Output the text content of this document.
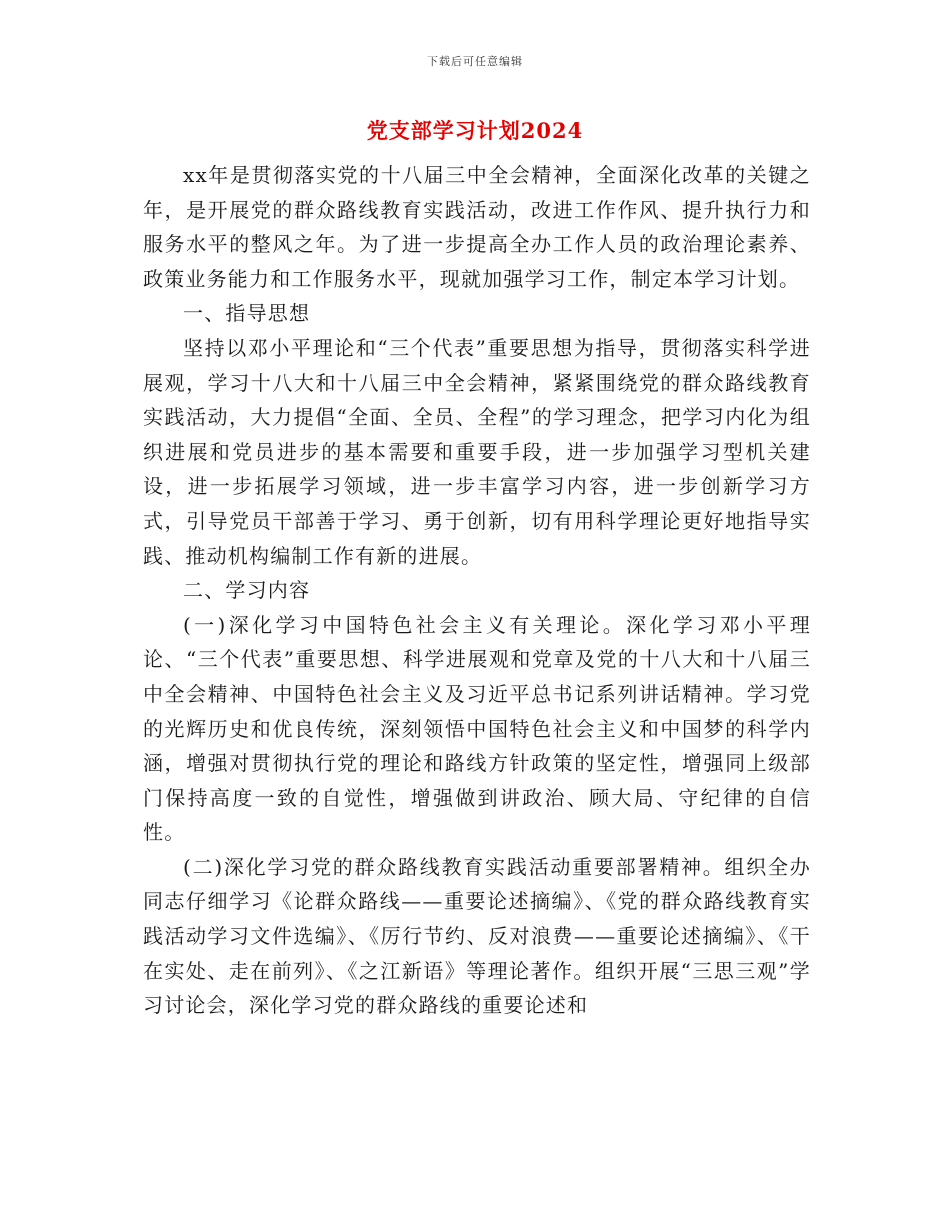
下载后可任意编辑
党支部学习计划2024

xx年是贯彻落实党的十八届三中全会精神，全面深化改革的关键之年，是开展党的群众路线教育实践活动，改进工作作风、提升执行力和服务水平的整风之年。为了进一步提高全办工作人员的政治理论素养、政策业务能力和工作服务水平，现就加强学习工作，制定本学习计划。

一、指导思想

坚持以邓小平理论和“三个代表”重要思想为指导，贯彻落实科学进展观，学习十八大和十八届三中全会精神，紧紧围绕党的群众路线教育实践活动，大力提倡“全面、全员、全程”的学习理念，把学习内化为组织进展和党员进步的基本需要和重要手段，进一步加强学习型机关建设，进一步拓展学习领域，进一步丰富学习内容，进一步创新学习方式，引导党员干部善于学习、勇于创新，切有用科学理论更好地指导实践、推动机构编制工作有新的进展。

二、学习内容

(一)深化学习中国特色社会主义有关理论。深化学习邓小平理论、“三个代表”重要思想、科学进展观和党章及党的十八大和十八届三中全会精神、中国特色社会主义及习近平总书记系列讲话精神。学习党的光辉历史和优良传统，深刻领悟中国特色社会主义和中国梦的科学内涵，增强对贯彻执行党的理论和路线方针政策的坚定性，增强同上级部门保持高度一致的自觉性，增强做到讲政治、顾大局、守纪律的自信性。

(二)深化学习党的群众路线教育实践活动重要部署精神。组织全办同志仔细学习《论群众路线——重要论述摘编》、《党的群众路线教育实践活动学习文件选编》、《厉行节约、反对浪费——重要论述摘编》、《干在实处、走在前列》、《之江新语》等理论著作。组织开展“三思三观”学习讨论会，深化学习党的群众路线的重要论述和
